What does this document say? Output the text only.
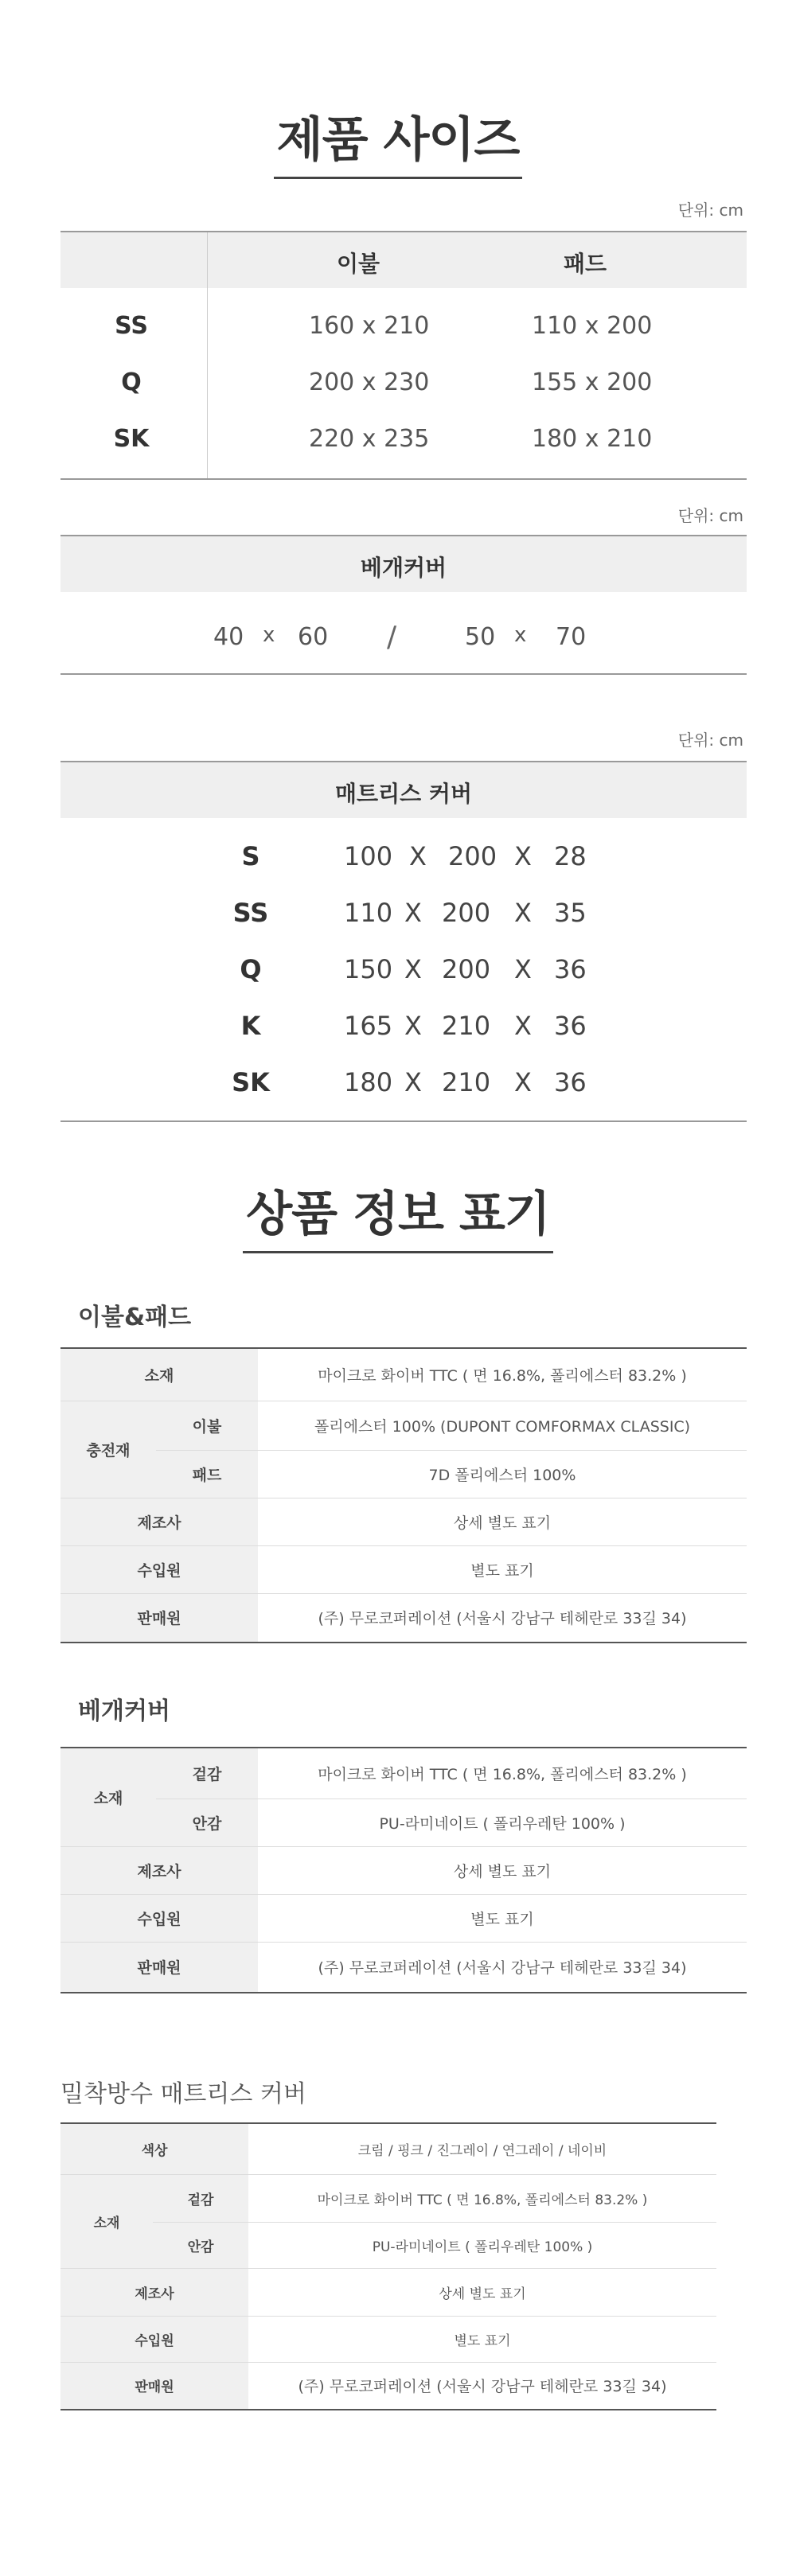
제품 사이즈
단위: cm
이불	패드
SS	160 x 210	110 x 200
Q	200 x 230	155 x 200
SK	220 x 235	180 x 210
단위: cm
베개커버
40 x 60 /	50 x 70
단위: cm
매트리스 커버
S	100 X 200 X 28
SS	110 X 200 X 35
Q	150 X 200 X 36
K	165 X 210 X 36
SK	180 X 210 X 36
상품 정보 표기
이불&패드
소재		마이크로 화이버 TTC ( 면 16.8%, 폴리에스터 83.2% )
충전재	이불	폴리에스터 100% (DUPONT COMFORMAX CLASSIC)
	패드	7D 폴리에스터 100%
제조사		상세 별도 표기
수입원		별도 표기
판매원		(주) 무로코퍼레이션 (서울시 강남구 테헤란로 33길 34)
베개커버
소재	겉감	마이크로 화이버 TTC ( 면 16.8%, 폴리에스터 83.2% )
	안감	PU-라미네이트 ( 폴리우레탄 100% )
제조사		상세 별도 표기
수입원		별도 표기
판매원		(주) 무로코퍼레이션 (서울시 강남구 테헤란로 33길 34)
밀착방수 매트리스 커버
색상		크림 / 핑크 / 진그레이 / 연그레이 / 네이비
소재	겉감	마이크로 화이버 TTC ( 면 16.8%, 폴리에스터 83.2% )
	안감	PU-라미네이트 ( 폴리우레탄 100% )
제조사		상세 별도 표기
수입원		별도 표기
판매원		(주) 무로코퍼레이션 (서울시 강남구 테헤란로 33길 34)
